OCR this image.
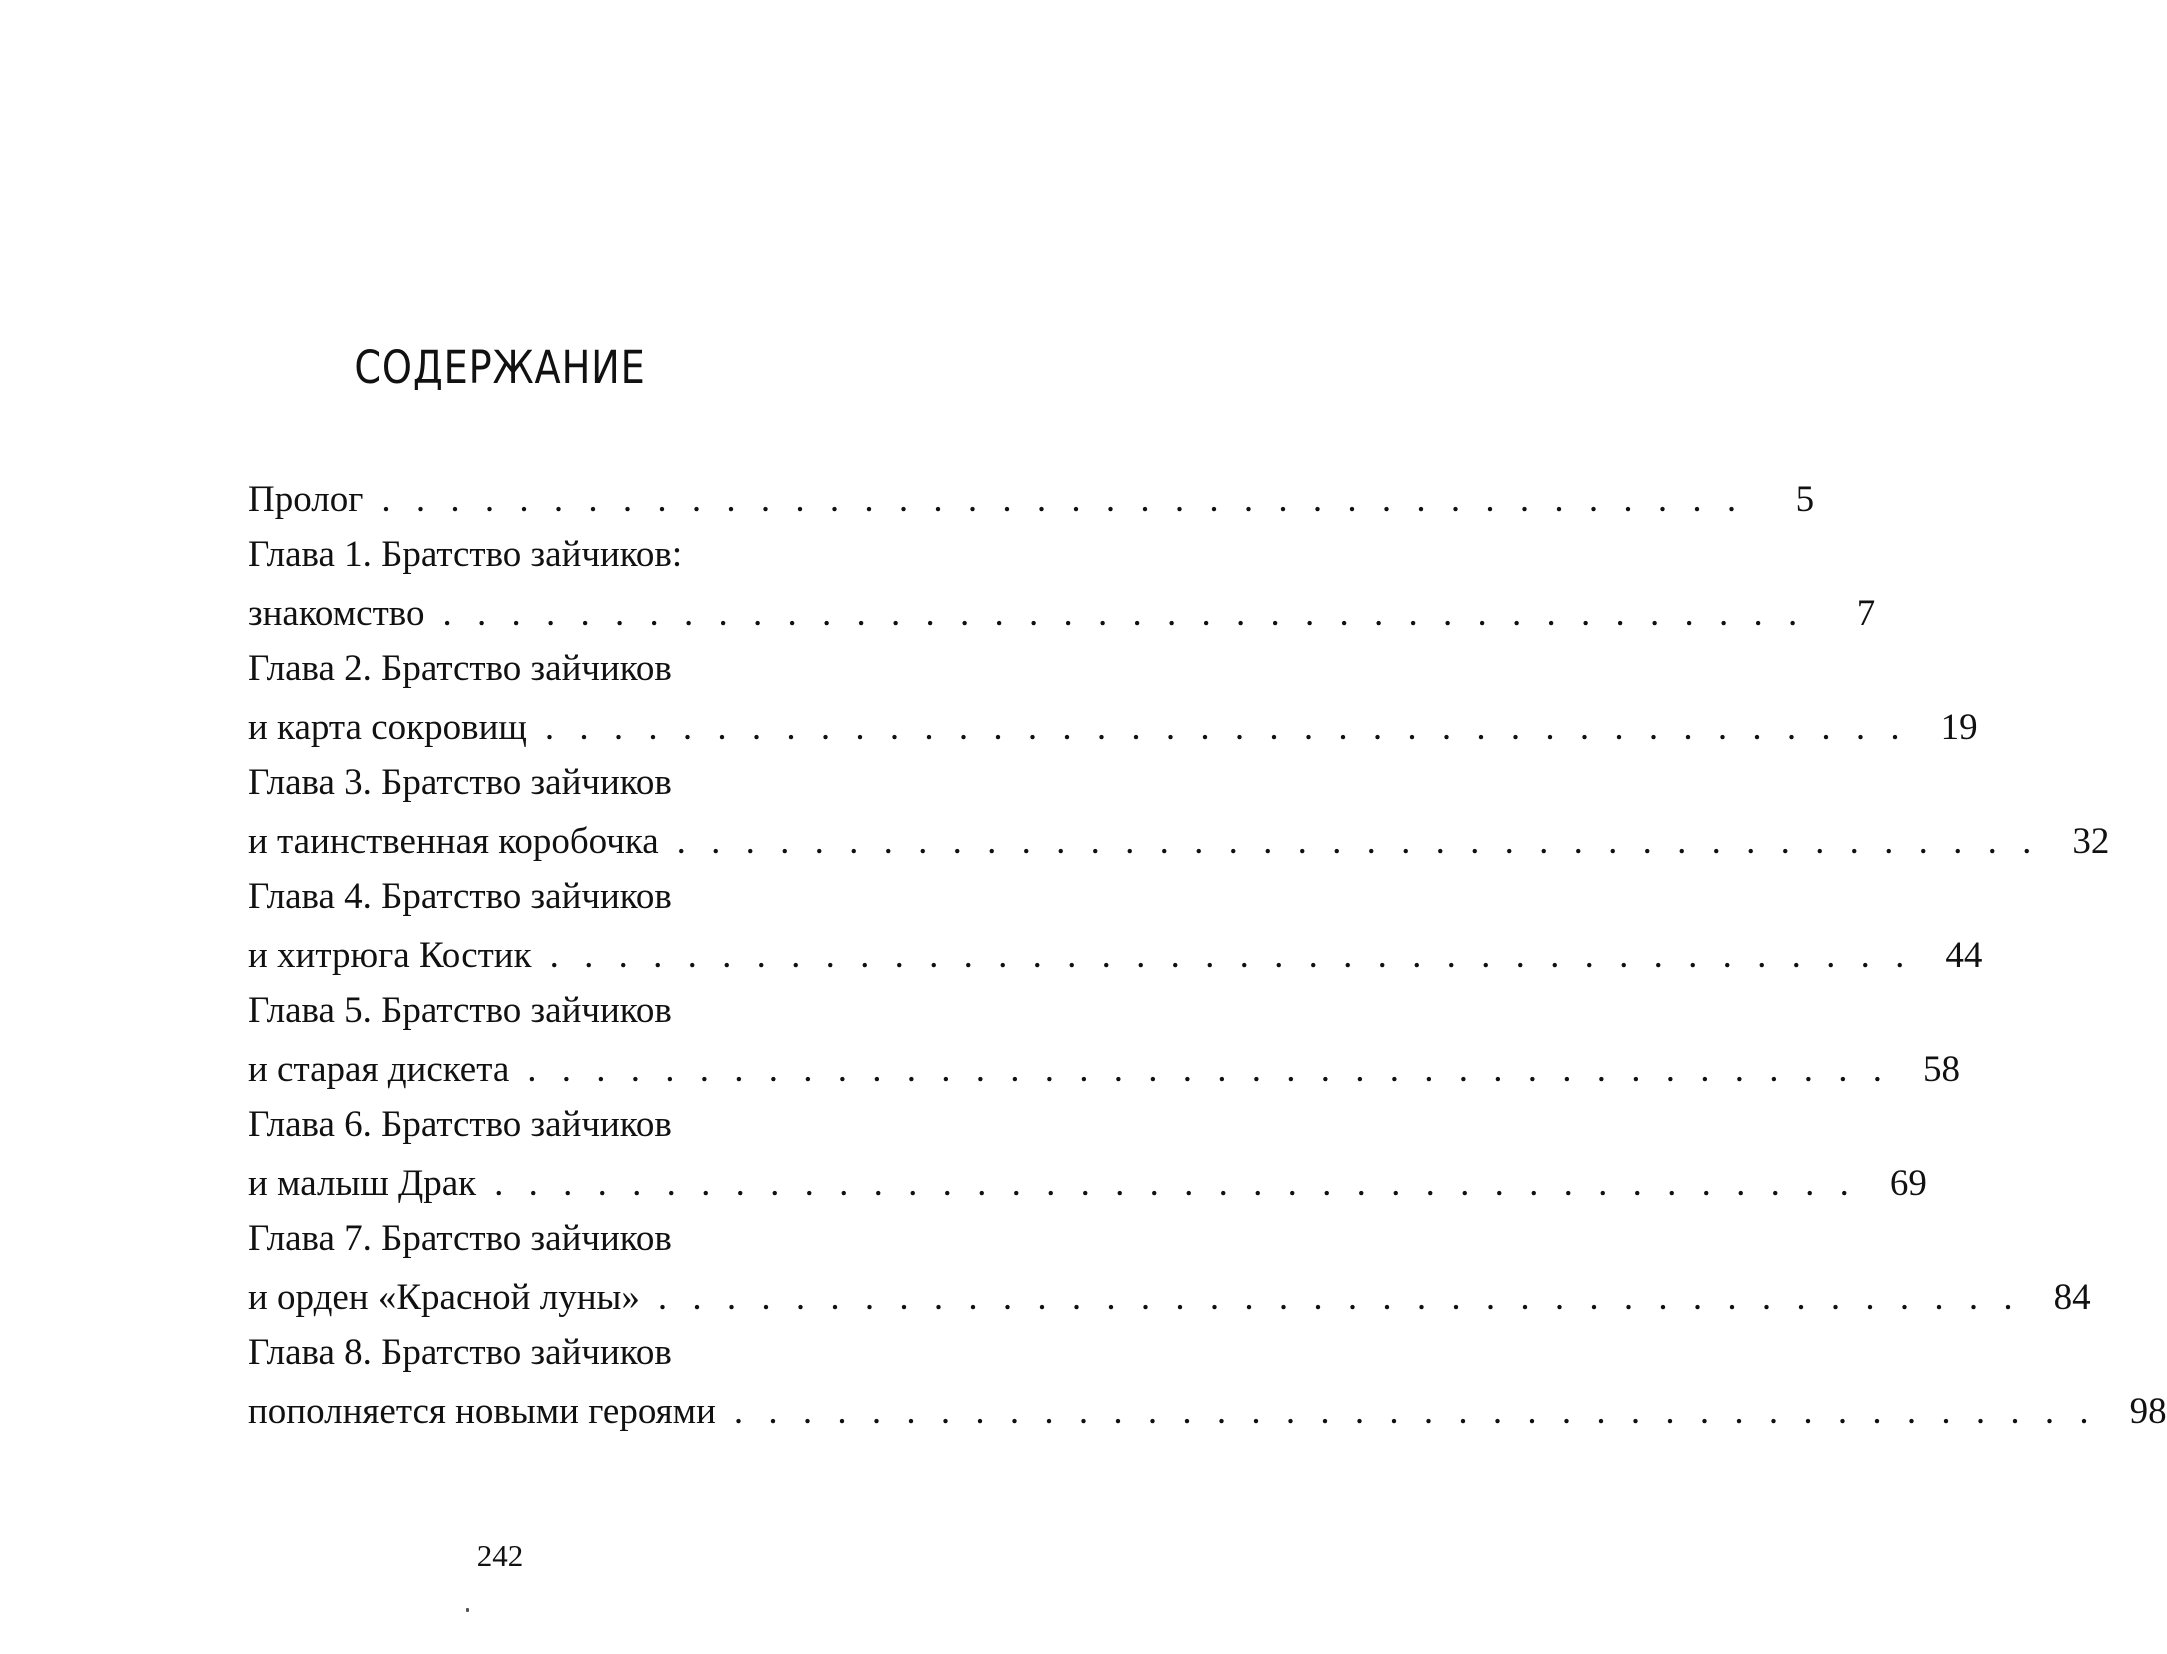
СОДЕРЖАНИЕ
Пролог . . . . . . . . . . . . . . . . . . . . . . . . . . . . . . . . . . . . . . . .	5
Глава 1. Братство зайчиков:
знакомство . . . . . . . . . . . . . . . . . . . . . . . . . . . . . . . . . . . . . . . .	7
Глава 2. Братство зайчиков
и карта сокровищ . . . . . . . . . . . . . . . . . . . . . . . . . . . . . . . . . . . . . . . . 19
Глава 3. Братство зайчиков
и таинственная коробочка . . . . . . . . . . . . . . . . . . . . . . . . . . . . . . . . . . . . . . . . 32
Глава 4. Братство зайчиков
и хитрюга Костик . . . . . . . . . . . . . . . . . . . . . . . . . . . . . . . . . . . . . . . . 44
Глава 5. Братство зайчиков
и старая дискета . . . . . . . . . . . . . . . . . . . . . . . . . . . . . . . . . . . . . . . . 58
Глава 6. Братство зайчиков
и малыш Драк . . . . . . . . . . . . . . . . . . . . . . . . . . . . . . . . . . . . . . . . 69
Глава 7. Братство зайчиков
и орден «Красной луны» . . . . . . . . . . . . . . . . . . . . . . . . . . . . . . . . . . . . . . . . 84
Глава 8. Братство зайчиков
пополняется новыми героями . . . . . . . . . . . . . . . . . . . . . . . . . . . . . . . . . . . . . . . . 98
242
